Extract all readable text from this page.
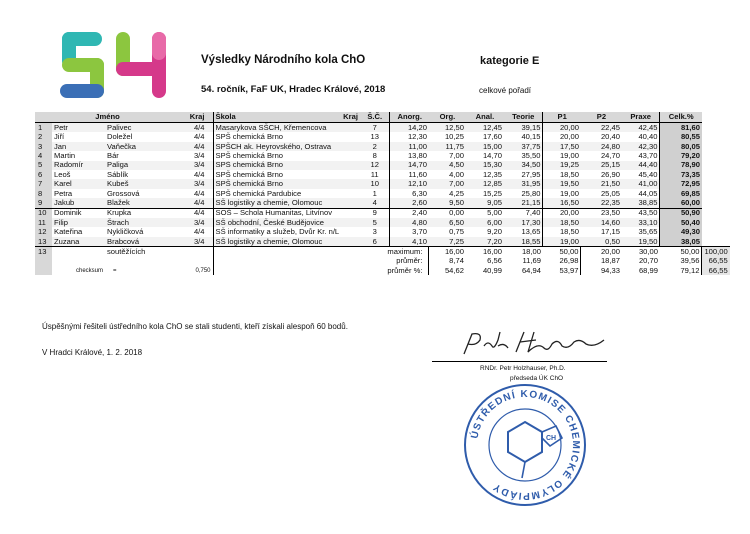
Výsledky Národního kola ChO	kategorie E
54. ročník, FaF UK, Hradec Králové, 2018	celkové pořadí
	Jméno		Kraj	Škola	Kraj	Š.Č.	Anorg.	Org.	Anal.	Teorie	P1	P2	Praxe	Celk.%	
1	Petr	Palivec	4/4	Masarykova SŠCH, Křemencova		7	14,20	12,50	12,45	39,15	20,00	22,45	42,45	81,60	
2	Jiří	Doležel	4/4	SPŠ chemická Brno		13	12,30	10,25	17,60	40,15	20,00	20,40	40,40	80,55	
3	Jan	Vaňečka	4/4	SPŠCH ak. Heyrovského, Ostrava		2	11,00	11,75	15,00	37,75	17,50	24,80	42,30	80,05	
4	Martin	Bár	3/4	SPŠ chemická Brno		8	13,80	7,00	14,70	35,50	19,00	24,70	43,70	79,20	
5	Radomír	Paliga	3/4	SPŠ chemická Brno		12	14,70	4,50	15,30	34,50	19,25	25,15	44,40	78,90	
6	Leoš	Sáblík	4/4	SPŠ chemická Brno		11	11,60	4,00	12,35	27,95	18,50	26,90	45,40	73,35	
7	Karel	Kubeš	3/4	SPŠ chemická Brno		10	12,10	7,00	12,85	31,95	19,50	21,50	41,00	72,95	
8	Petra	Grossová	4/4	SPŠ chemická Pardubice		1	6,30	4,25	15,25	25,80	19,00	25,05	44,05	69,85	
9	Jakub	Blažek	4/4	SŠ logistiky a chemie, Olomouc		4	2,60	9,50	9,05	21,15	16,50	22,35	38,85	60,00	
10	Dominik	Krupka	4/4	SOŠ – Schola Humanitas, Litvínov		9	2,40	0,00	5,00	7,40	20,00	23,50	43,50	50,90	
11	Filip	Štrach	3/4	SŠ obchodní, České Budějovice		5	4,80	6,50	6,00	17,30	18,50	14,60	33,10	50,40	
12	Kateřina	Nykličková	4/4	SŠ informatiky a služeb, Dvůr Kr. n/L		3	3,70	0,75	9,20	13,65	18,50	17,15	35,65	49,30	
13	Zuzana	Brabcová	3/4	SŠ logistiky a chemie, Olomouc		6	4,10	7,25	7,20	18,55	19,00	0,50	19,50	38,05	
13		soutěžících			maximum:			16,00	16,00	18,00	50,00	20,00	30,00	50,00	100,00
					průměr:			8,74	6,56	11,69	26,98	18,87	20,70	39,56	66,55
	checksum	=	0,750		průměr %:			54,62	40,99	64,94	53,97	94,33	68,99	79,12	66,55
Úspěšnými řešiteli ústředního kola ChO se stali studenti, kteří získali alespoň 60 bodů.
V Hradci Králové, 1. 2. 2018
RNDr. Petr Holzhauser, Ph.D.
předseda ÚK ChO
ÚSTŘEDNÍ KOMISE CHEMICKÉ OLYMPIÁDY
CH
